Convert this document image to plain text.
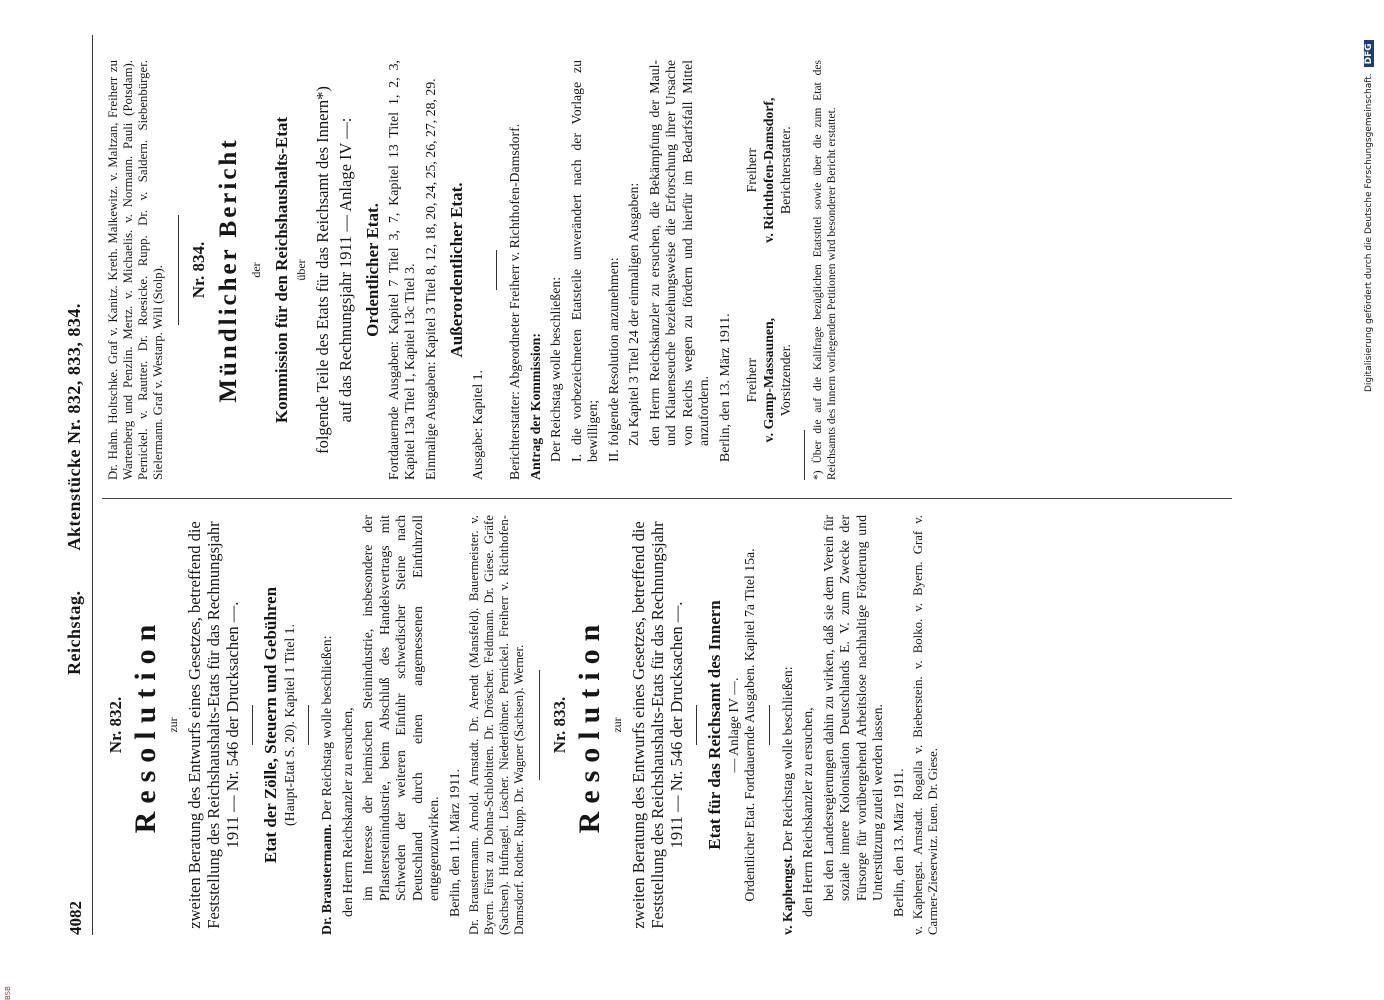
4082
Reichstag.Aktenstücke Nr. 832, 833, 834.
Nr. 832. Resolution zur zweiten Beratung des Entwurfs eines Gesetzes, betreffend die Feststellung des Reichshaushalts-Etats für das Rechnungsjahr 1911 — Nr. 546 der Drucksachen —. Etat der Zölle, Steuern und Gebühren (Haupt-Etat S. 20). Kapitel 1 Titel 1.

Dr. Braustermann. Der Reichstag wolle beschließen: den Herrn Reichskanzler zu ersuchen, im Interesse der heimischen Steinindustrie, insbesondere der Pflastersteinindustrie, beim Abschluß des Handelsvertrags mit Schweden der weiteren Einfuhr schwedischer Steine nach Deutschland durch einen angemessenen Einfuhrzoll entgegenzuwirken. Berlin, den 11. März 1911. Dr. Braustermann. Arnold. Arnstadt. Dr. Arendt (Mansfeld). Bauermeister. v. Byern. Fürst zu Dohna-Schlobitten. Dr. Dröscher. Feldmann. Dr. Giese. Gräfe (Sachsen). Hufnagel. Löscher. Niederlöhner. Pernickel. Freiherr v. Richthofen-Damsdorf. Rother. Rupp. Dr. Wagner (Sachsen). Werner. Nr. 833. Resolution zur zweiten Beratung des Entwurfs eines Gesetzes, betreffend die Feststellung des Reichshaushalts-Etats für das Rechnungsjahr 1911 — Nr. 546 der Drucksachen —. Etat für das Reichsamt des Innern — Anlage IV —. Ordentlicher Etat. Fortdauernde Ausgaben. Kapitel 7a Titel 15a. v. Kaphengst. Der Reichstag wolle beschließen: den Herrn Reichskanzler zu ersuchen, bei den Landesregierungen dahin zu wirken, daß sie dem Verein für soziale innere Kolonisation Deutschlands E. V. zum Zwecke der Fürsorge für vorübergehend Arbeitslose nachhaltige Förderung und Unterstützung zuteil werden lassen. Berlin, den 13. März 1911. v. Kaphengst. Arnstadt. Rogalla v. Bieberstein. v. Bolko. v. Byern. Graf v. Carmer-Zieserwitz. Euen. Dr. Giese.

Dr. Hahn. Holtschke. Graf v. Kanitz. Kreth. Malkewitz. v. Maltzan, Freiherr zu Wartenberg und Penzlin. Mertz. v. Michaelis. v. Normann. Pauli (Potsdam). Pernickel. v. Rautter. Dr. Roesicke. Rupp. Dr. v. Saldern. Siebenbürger. Sielermann. Graf v. Westarp. Will (Stolp). Nr. 834. Mündlicher Bericht der Kommission für den Reichshaushalts-Etat über folgende Teile des Etats für das Reichsamt des Innern*) auf das Rechnungsjahr 1911 — Anlage IV —: Ordentlicher Etat. Fortdauernde Ausgaben: Kapitel 7 Titel 3, 7, Kapitel 13 Titel 1, 2, 3, Kapitel 13a Titel 1, Kapitel 13c Titel 3. Einmalige Ausgaben: Kapitel 3 Titel 8, 12, 18, 20, 24, 25, 26, 27, 28, 29. Außerordentlicher Etat.

Ausgabe: Kapitel 1. Berichterstatter: Abgeordneter Freiherr v. Richthofen-Damsdorf. Antrag der Kommission: Der Reichstag wolle beschließen: I. die vorbezeichneten Etatsteile unverändert nach der Vorlage zu bewilligen; II. folgende Resolution anzunehmen: Zu Kapitel 3 Titel 24 der einmaligen Ausgaben: den Herrn Reichskanzler zu ersuchen, die Bekämpfung der Maul- und Klauenseuche beziehungsweise die Erforschung ihrer Ursache von Reichs wegen zu fördern und hierfür im Bedarfsfall Mittel anzufordern. Berlin, den 13. März 1911. Freiherr v. Gamp-Massaunen, Vorsitzender.
Freiherr v. Richthofen-Damsdorf, Berichterstatter. *) Über die auf die Kalifrage bezüglichen Etatstitel sowie über die zum Etat des Reichsamts des Innern vorliegenden Petitionen wird besonderer Bericht erstattet.	Digitalisierung gefördert durch die Deutsche Forschungsgemeinschaft.DFG
BSB
